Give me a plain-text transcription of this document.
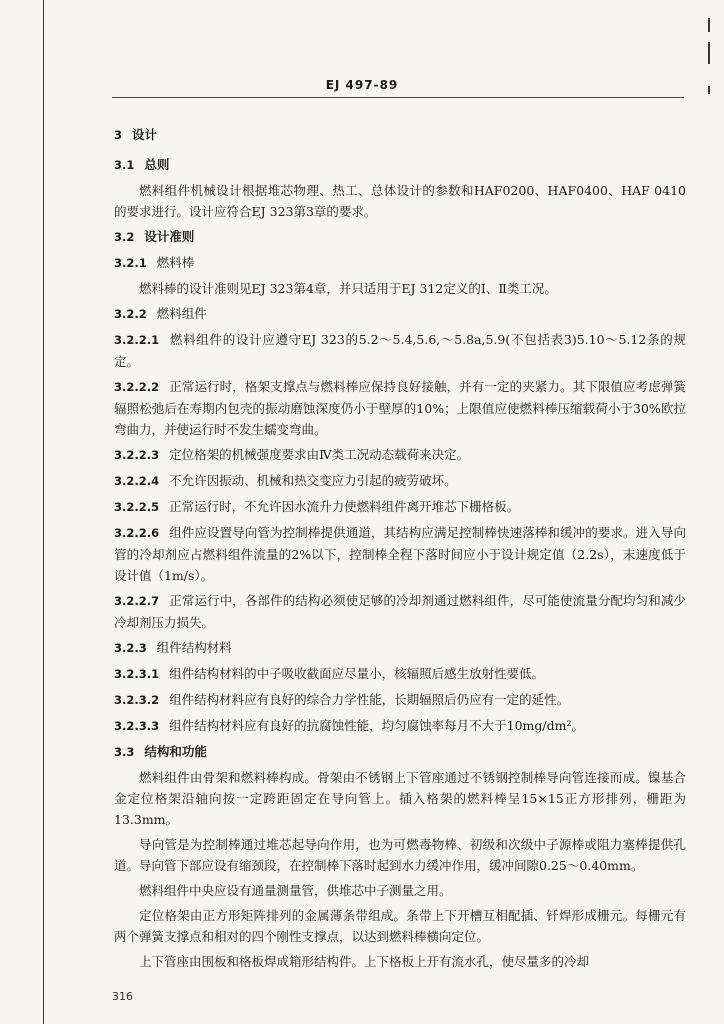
EJ 497-89
3 设计
3.1 总则
燃料组件机械设计根据堆芯物理、热工、总体设计的参数和HAF0200、HAF0400、HAF 0410的要求进行。设计应符合EJ 323第3章的要求。
3.2 设计准则
3.2.1 燃料棒
燃料棒的设计准则见EJ 323第4章，并只适用于EJ 312定义的Ⅰ、Ⅱ类工况。
3.2.2 燃料组件
3.2.2.1 燃料组件的设计应遵守EJ 323的5.2～5.4,5.6,～5.8a,5.9(不包括表3)5.10～5.12条的规定。
3.2.2.2 正常运行时，格架支撑点与燃料棒应保持良好接触，并有一定的夹紧力。其下限值应考虑弹簧辐照松弛后在寿期内包壳的振动磨蚀深度仍小于壁厚的10%；上限值应使燃料棒压缩载荷小于30%欧拉弯曲力，并使运行时不发生蠕变弯曲。
3.2.2.3 定位格架的机械强度要求由Ⅳ类工况动态载荷来决定。
3.2.2.4 不允许因振动、机械和热交变应力引起的疲劳破坏。
3.2.2.5 正常运行时，不允许因水流升力使燃料组件离开堆芯下栅格板。
3.2.2.6 组件应设置导向管为控制棒提供通道，其结构应满足控制棒快速落棒和缓冲的要求。进入导向管的冷却剂应占燃料组件流量的2%以下，控制棒全程下落时间应小于设计规定值（2.2s），末速度低于设计值（1m/s）。
3.2.2.7 正常运行中，各部件的结构必须使足够的冷却剂通过燃料组件，尽可能使流量分配均匀和减少冷却剂压力损失。
3.2.3 组件结构材料
3.2.3.1 组件结构材料的中子吸收截面应尽量小，核辐照后感生放射性要低。
3.2.3.2 组件结构材料应有良好的综合力学性能，长期辐照后仍应有一定的延性。
3.2.3.3 组件结构材料应有良好的抗腐蚀性能，均匀腐蚀率每月不大于10mg/dm²。
3.3 结构和功能
燃料组件由骨架和燃料棒构成。骨架由不锈钢上下管座通过不锈钢控制棒导向管连接而成。镍基合金定位格架沿轴向按一定跨距固定在导向管上。插入格架的燃料棒呈15×15正方形排列，栅距为13.3mm。
导向管是为控制棒通过堆芯起导向作用，也为可燃毒物棒、初级和次级中子源棒或阻力塞棒提供孔道。导向管下部应设有缩颈段，在控制棒下落时起到水力缓冲作用，缓冲间隙0.25～0.40mm。
燃料组件中央应设有通量测量管，供堆芯中子测量之用。
定位格架由正方形矩阵排列的金属薄条带组成。条带上下开槽互相配插、钎焊形成栅元。每栅元有两个弹簧支撑点和相对的四个刚性支撑点，以达到燃料棒横向定位。
上下管座由围板和格板焊成箱形结构件。上下格板上开有流水孔，使尽量多的冷却
316
